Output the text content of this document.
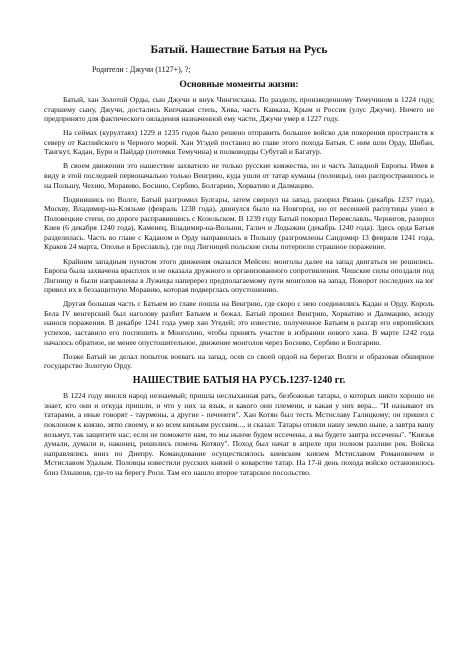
Батый. Нашествие Батыя на Русь
Родители : Джучи (1127+), ?;
Основные моменты жизни:

Батый, хан Золотой Орды, сын Джучи и внук Чингисхана. По разделу, произведенному Темучином в 1224 году, старшему сыну, Джучи, достались Кипчакая степь, Хива, часть Кавказа, Крым и Россия (улус Джучи). Ничего не предпринято для фактического овладения назначенной ему части, Джучи умер в 1227 году.

На сеймах (курултаях) 1229 и 1235 годов было решено отправить большое войско для покорения пространств к северу от Каспийского и Черного морей. Хан Угэдей поставил во главе этого похода Батыя. С ним шли Орду, Шибан, Тангкут, Кадан, Бури и Пайдар (потомки Темучина) и полководцы Субутай и Багатур.

В своем движении это нашествие захватило не только русские княжества, но и часть Западной Европы. Имея в виду в этой последней первоначально только Венгрию, куда ушли от татар куманы (половцы), оно распространилось и на Польшу, Чехию, Моравию, Боснию, Сербию, Болгарию, Хорватию и Далмацию.

Подвившись по Волге, Батый разгромил Булгары, затем свернул на запад, разорил Рязань (декабрь 1237 года), Москву, Владимир-на-Клязьме (февраль 1238 года), двинулся было на Новгород, но от весенней распутицы ушел в Половецкие степи, по дороге расправившись с Козельском. В 1239 году Батый покорил Переяславль, Чернигов, разорил Киев (6 декабря 1240 года), Каменец, Владимир-на-Волыни, Галич и Лодыжин (декабрь 1240 года). Здесь орда Батыя разделилась. Часть во главе с Каданом и Орду направилась в Польшу (разгромлены Сандомир 13 февраля 1241 года, Краков 24 марта, Ополье и Бреславль), где под Лигницей польские силы потерпели страшное поражение.

Крайним западным пунктом этого движения оказался Мейсен: монголы далее на запад двигаться не решились. Европа была захвачена врасплох и не оказала дружного и организованного сопротивления. Чешские силы опоздали под Лигницу и были направлены в Лужицы наперерез предполагаемому пути монголов на запад. Поворот последних на юг привел их в беззащитную Моравию, которая подверглась опустошению.

Другая большая часть с Батыем во главе пошла на Венгрию, где скоро с нею соединились Кадан и Орду. Король Бела IV венгерский был наголову разбит Батыем и бежал. Батый прошел Венгрию, Хорватию и Далмацию, всюду нанося поражения. В декабре 1241 года умер хан Угедей; это известие, полученное Батыем в разгар его европейских успехов, заставило его поспешить в Монголию, чтобы принять участие в избрании нового хана. В марте 1242 года началось обратное, не менее опустошительное, движение монголов через Боснию, Сербию и Болгарию.

Позже Батый не делал попыток воевать на запад, осев со своей ордой на берегах Волги и образовав обширное государство Золотую Орду.

НАШЕСТВИЕ БАТЫЯ НА РУСЬ.1237-1240 гг.

В 1224 году явился народ незнаемый; пришла неслыханная рать, безбожные татары, о которых никто хорошо не знает, кто они и откуда пришли, и что у них за язык, и какого они племени, и какая у них вера... "И называют их татарами, а иные говорят - таурмены, а другие - печенеги". Хан Котян был тесть Мстиславу Галицкому; он пришел с поклоном к князю, зятю своему, и ко всем князьям русским..., и сказал: Татары отняли нашу землю ныне, а завтра вашу возьмут, так защитите нас; если не поможете нам, то мы нынче будем иссечены, а вы будете завтра иссечены". "Князья думали, думали и, наконец, решились помочь Котяну". Поход был начат в апреле при полном разливе рек. Войска направлялись вниз по Днепру. Командование осуществлялось киевским князем Мстиславом Романовичем и Мстиславом Удалым. Половцы известили русских князей о коварстве татар. На 17-й день похода войско остановилось близ Ольшеня, где-то на берегу Роси. Там его нашло второе татарское посольство.
